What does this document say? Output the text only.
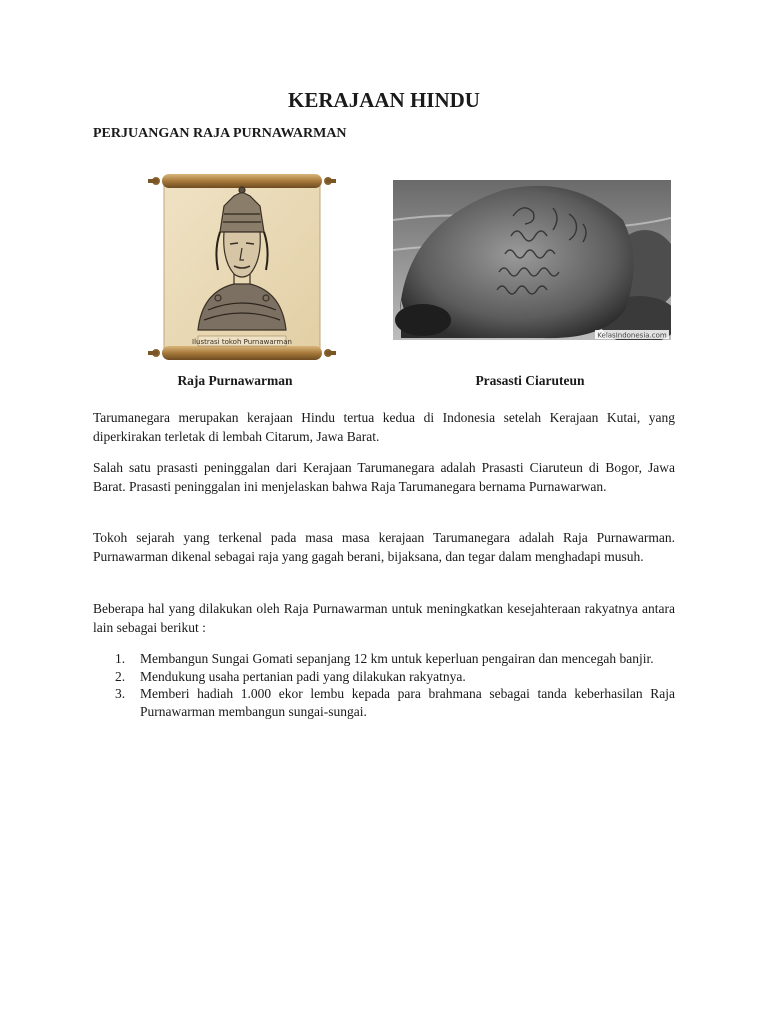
KERAJAAN HINDU
PERJUANGAN RAJA PURNAWARMAN
Ilustrasi tokoh Purnawarman
KelasIndonesia.com

Raja Purnawarman	Prasasti Ciaruteun

Tarumanegara merupakan kerajaan Hindu tertua kedua di Indonesia setelah Kerajaan Kutai, yang diperkirakan terletak di lembah Citarum, Jawa Barat.

Salah satu prasasti peninggalan dari Kerajaan Tarumanegara adalah Prasasti Ciaruteun di Bogor, Jawa Barat. Prasasti peninggalan ini menjelaskan bahwa Raja Tarumanegara bernama Purnawarwan.

Tokoh sejarah yang terkenal pada masa masa kerajaan Tarumanegara adalah Raja Purnawarman. Purnawarman dikenal sebagai raja yang gagah berani, bijaksana, dan tegar dalam menghadapi musuh.

Beberapa hal yang dilakukan oleh Raja Purnawarman untuk meningkatkan kesejahteraan rakyatnya antara lain sebagai berikut :

1. Membangun Sungai Gomati sepanjang 12 km untuk keperluan pengairan dan mencegah banjir.
2. Mendukung usaha pertanian padi yang dilakukan rakyatnya.
3. Memberi hadiah 1.000 ekor lembu kepada para brahmana sebagai tanda keberhasilan Raja Purnawarman membangun sungai-sungai.
